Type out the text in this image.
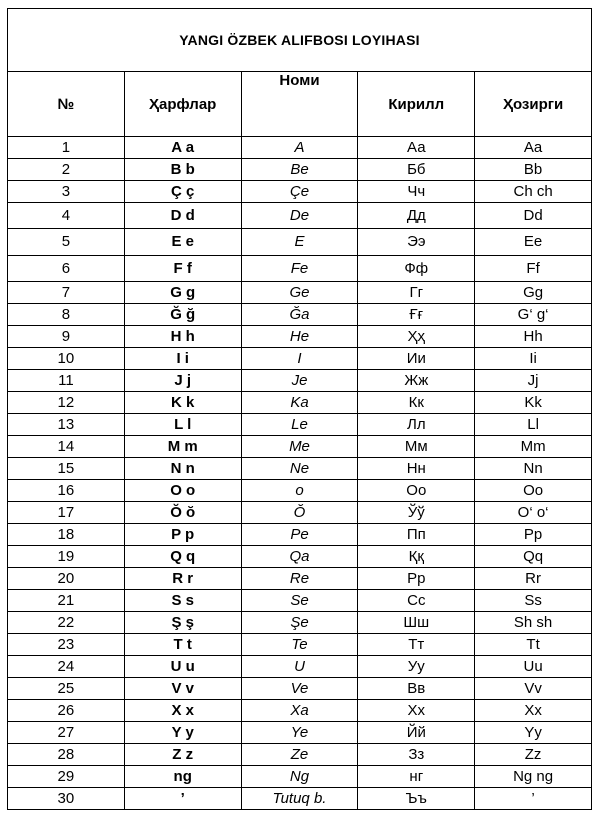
YANGI ÖZBEK ALIFBOSI LOYIHASI				
№	Ҳарфлар	Номи	Кирилл	Ҳозирги
1	A a	A	Аа	Aa
2	B b	Be	Бб	Bb
3	Ç ç	Çe	Чч	Ch ch
4	D d	De	Дд	Dd
5	E e	E	Ээ	Ee
6	F f	Fe	Фф	Ff
7	G g	Ge	Гг	Gg
8	Ğ ğ	Ğa	Ғғ	G‘ g‘
9	H h	He	Ҳҳ	Hh
10	I i	I	Ии	Ii
11	J j	Je	Жж	Jj
12	K k	Ka	Кк	Kk
13	L l	Le	Лл	Ll
14	M m	Me	Мм	Mm
15	N n	Ne	Нн	Nn
16	O o	o	Оо	Oo
17	Ŏ ŏ	Ŏ	Ўў	O‘ o‘
18	P p	Pe	Пп	Pp
19	Q q	Qa	Ққ	Qq
20	R r	Re	Рр	Rr
21	S s	Se	Сс	Ss
22	Ş ş	Şe	Шш	Sh sh
23	T t	Te	Тт	Tt
24	U u	U	Уу	Uu
25	V v	Ve	Вв	Vv
26	X x	Xa	Хх	Xx
27	Y y	Ye	Йй	Yy
28	Z z	Ze	Зз	Zz
29	ng	Ng	нг	Ng ng
30	’	Tutuq b.	Ъъ	’
